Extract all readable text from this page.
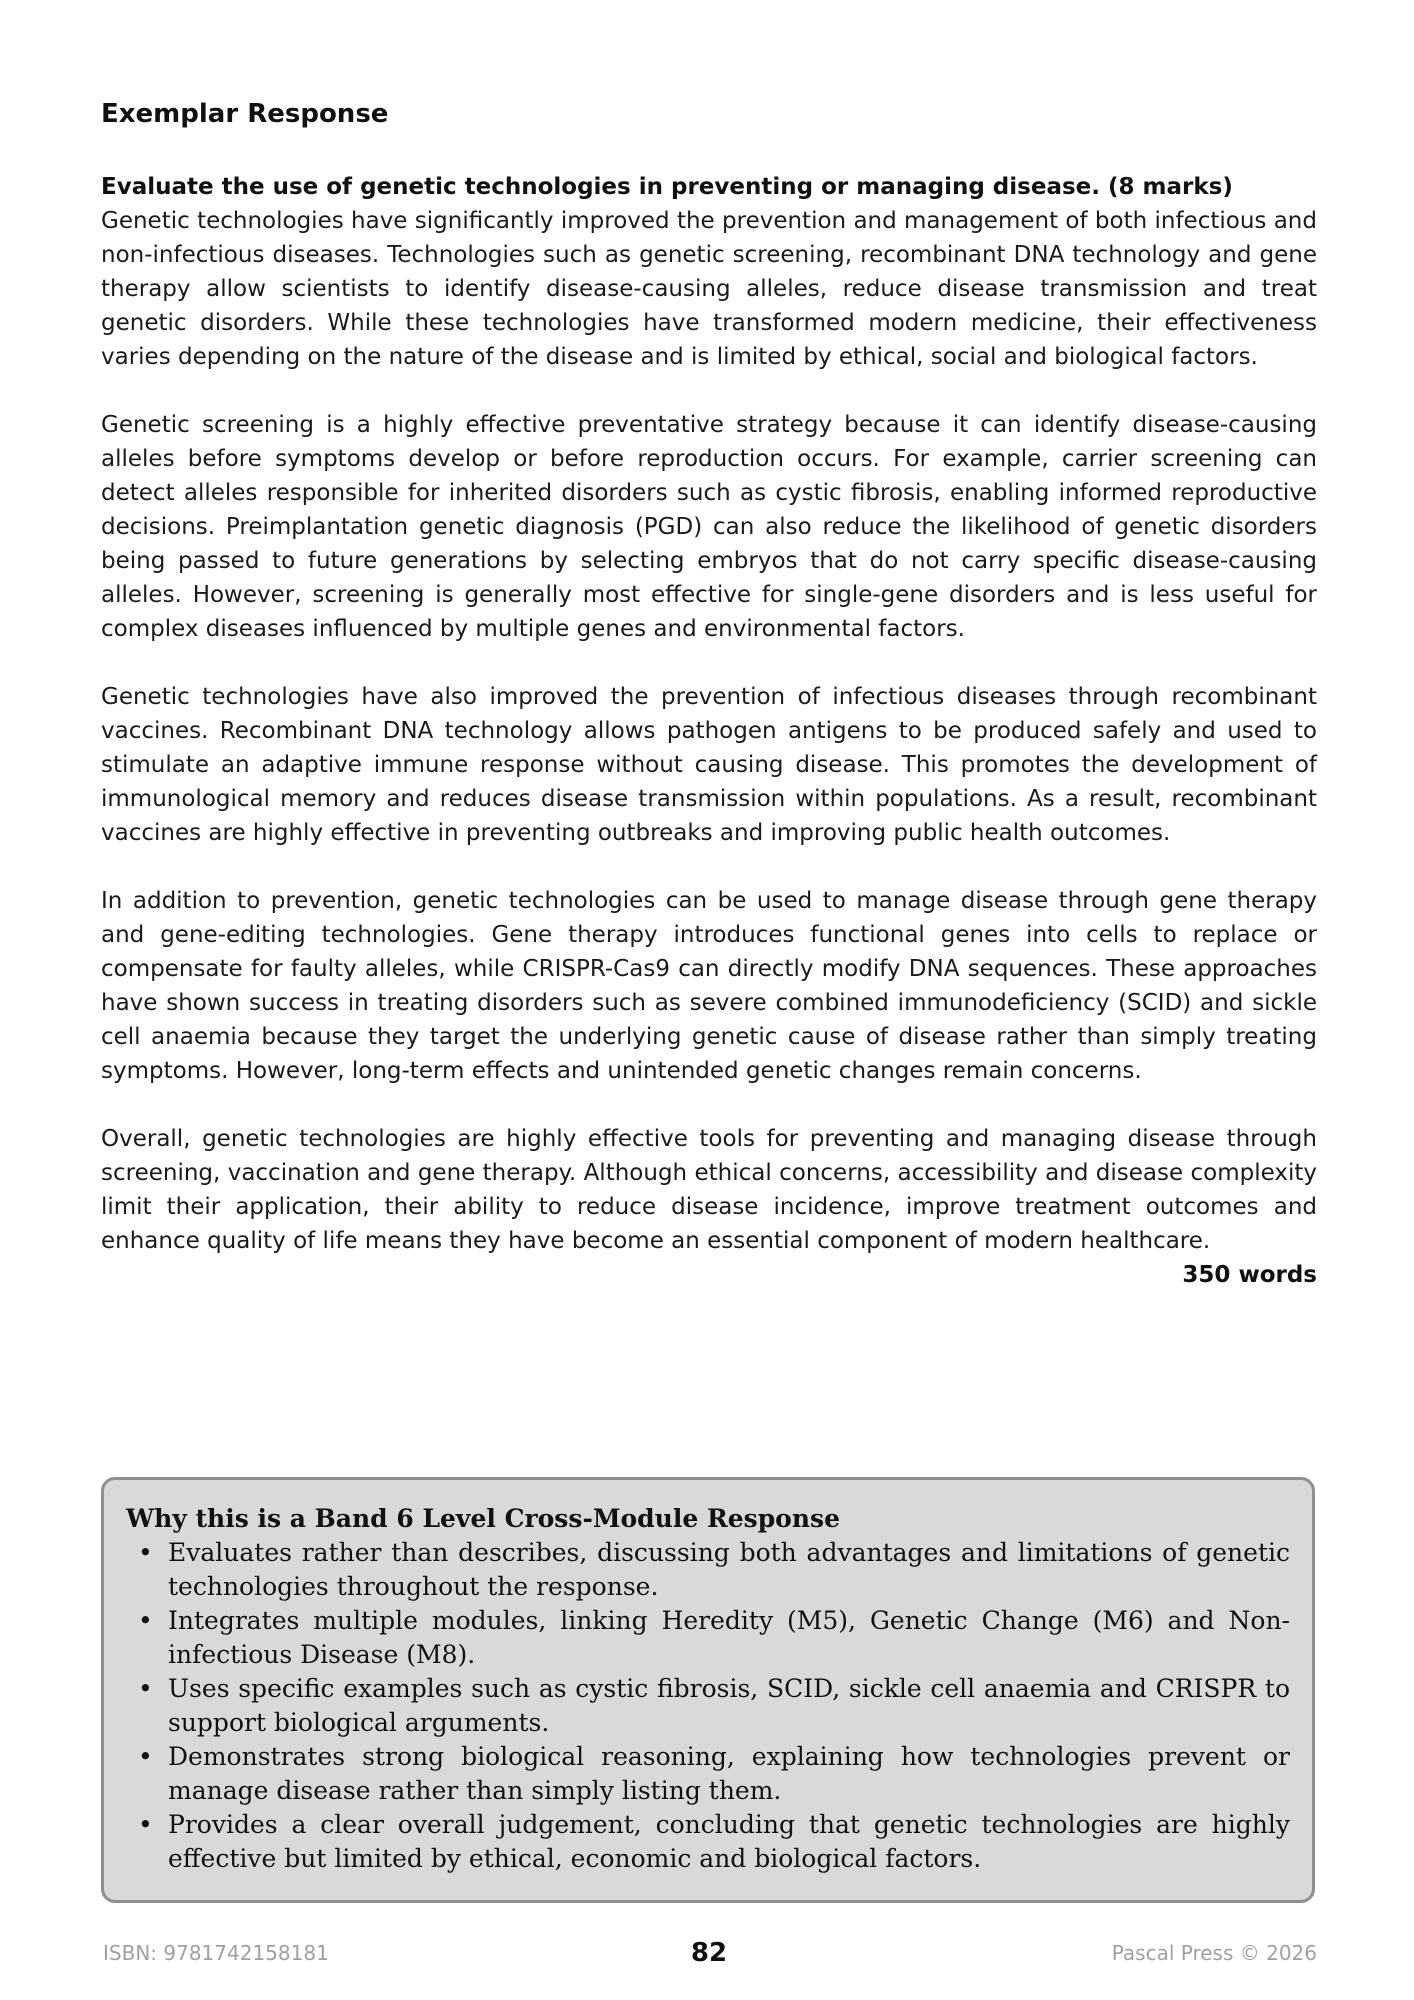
Exemplar Response

Evaluate the use of genetic technologies in preventing or managing disease. (8 marks)

Genetic technologies have significantly improved the prevention and management of both infectious and non-infectious diseases. Technologies such as genetic screening, recombinant DNA technology and gene therapy allow scientists to identify disease-causing alleles, reduce disease transmission and treat genetic disorders. While these technologies have transformed modern medicine, their effectiveness varies depending on the nature of the disease and is limited by ethical, social and biological factors.

Genetic screening is a highly effective preventative strategy because it can identify disease-causing alleles before symptoms develop or before reproduction occurs. For example, carrier screening can detect alleles responsible for inherited disorders such as cystic fibrosis, enabling informed reproductive decisions. Preimplantation genetic diagnosis (PGD) can also reduce the likelihood of genetic disorders being passed to future generations by selecting embryos that do not carry specific disease-causing alleles. However, screening is generally most effective for single-gene disorders and is less useful for complex diseases influenced by multiple genes and environmental factors.

Genetic technologies have also improved the prevention of infectious diseases through recombinant vaccines. Recombinant DNA technology allows pathogen antigens to be produced safely and used to stimulate an adaptive immune response without causing disease. This promotes the development of immunological memory and reduces disease transmission within populations. As a result, recombinant vaccines are highly effective in preventing outbreaks and improving public health outcomes.

In addition to prevention, genetic technologies can be used to manage disease through gene therapy and gene-editing technologies. Gene therapy introduces functional genes into cells to replace or compensate for faulty alleles, while CRISPR-Cas9 can directly modify DNA sequences. These approaches have shown success in treating disorders such as severe combined immunodeficiency (SCID) and sickle cell anaemia because they target the underlying genetic cause of disease rather than simply treating symptoms. However, long-term effects and unintended genetic changes remain concerns.

Overall, genetic technologies are highly effective tools for preventing and managing disease through screening, vaccination and gene therapy. Although ethical concerns, accessibility and disease complexity limit their application, their ability to reduce disease incidence, improve treatment outcomes and enhance quality of life means they have become an essential component of modern healthcare.

350 words

Why this is a Band 6 Level Cross-Module Response

• Evaluates rather than describes, discussing both advantages and limitations of genetic technologies throughout the response.
• Integrates multiple modules, linking Heredity (M5), Genetic Change (M6) and Non-infectious Disease (M8).
• Uses specific examples such as cystic fibrosis, SCID, sickle cell anaemia and CRISPR to support biological arguments.
• Demonstrates strong biological reasoning, explaining how technologies prevent or manage disease rather than simply listing them.
• Provides a clear overall judgement, concluding that genetic technologies are highly effective but limited by ethical, economic and biological factors.
ISBN: 9781742158181	82	Pascal Press © 2026
